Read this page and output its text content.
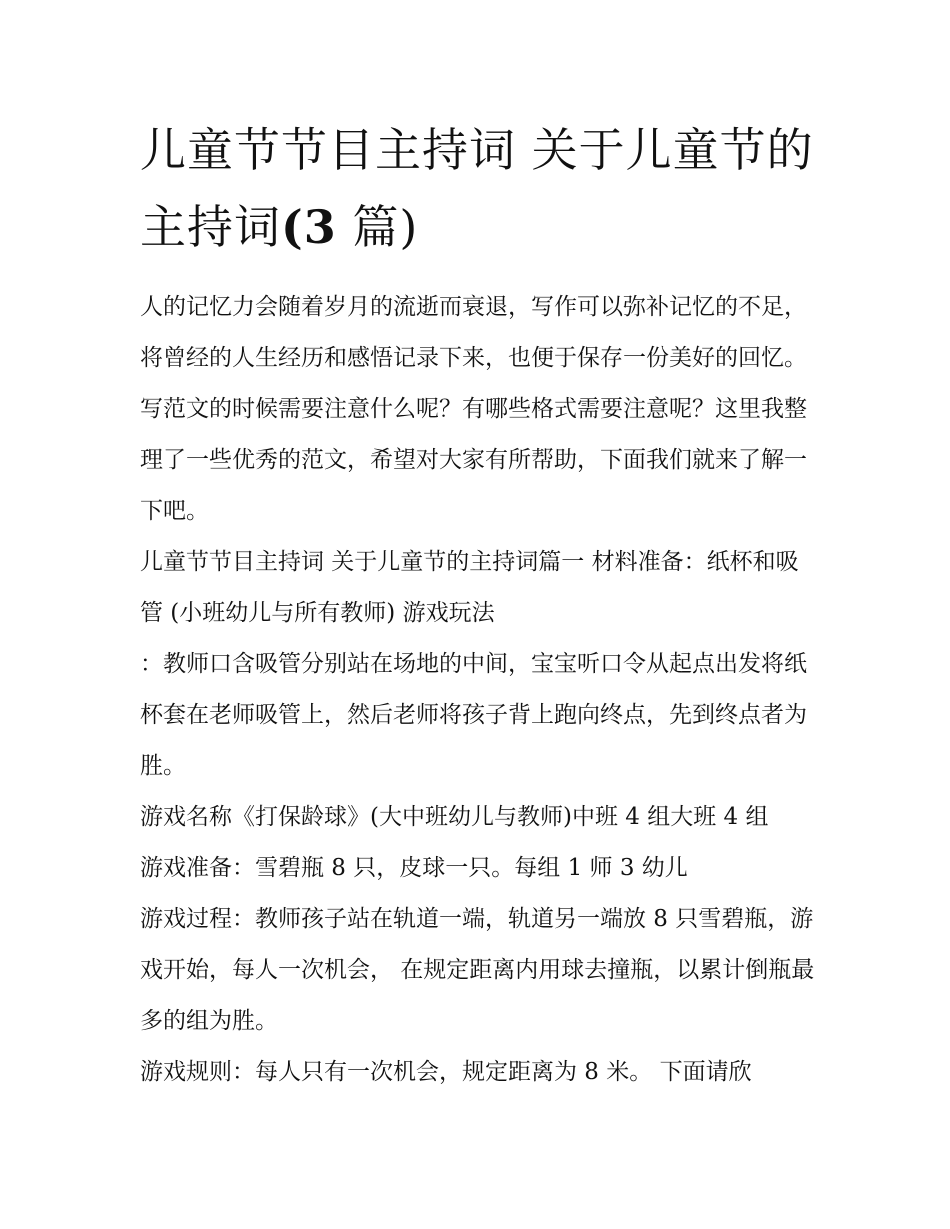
儿童节节目主持词 关于儿童节的主持词(3 篇)

人的记忆力会随着岁月的流逝而衰退，写作可以弥补记忆的不足，将曾经的人生经历和感悟记录下来，也便于保存一份美好的回忆。写范文的时候需要注意什么呢？有哪些格式需要注意呢？这里我整理了一些优秀的范文，希望对大家有所帮助，下面我们就来了解一下吧。

儿童节节目主持词 关于儿童节的主持词篇一 材料准备：纸杯和吸管 (小班幼儿与所有教师) 游戏玩法

：教师口含吸管分别站在场地的中间，宝宝听口令从起点出发将纸杯套在老师吸管上，然后老师将孩子背上跑向终点，先到终点者为胜。

游戏名称《打保龄球》(大中班幼儿与教师)中班 4 组大班 4 组

游戏准备：雪碧瓶 8 只，皮球一只。每组 1 师 3 幼儿

游戏过程：教师孩子站在轨道一端，轨道另一端放 8 只雪碧瓶，游戏开始，每人一次机会， 在规定距离内用球去撞瓶，以累计倒瓶最多的组为胜。

游戏规则：每人只有一次机会，规定距离为 8 米。 下面请欣
